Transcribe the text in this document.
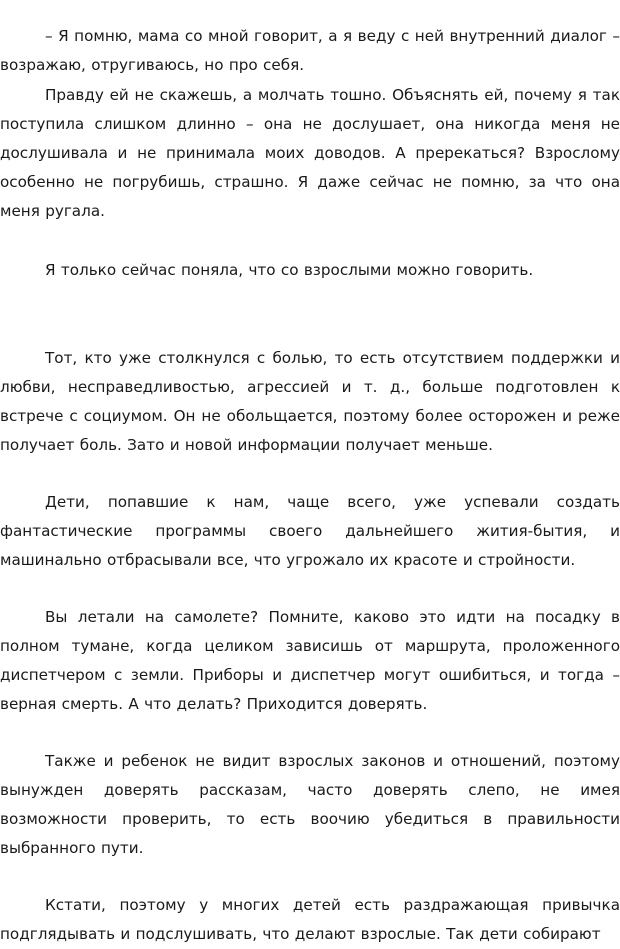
– Я помню, мама со мной говорит, а я веду с ней внутренний диалог – возражаю, отругиваюсь, но про себя.

Правду ей не скажешь, а молчать тошно. Объяснять ей, почему я так поступила слишком длинно – она не дослушает, она никогда меня не дослушивала и не принимала моих доводов. А пререкаться? Взрослому особенно не погрубишь, страшно. Я даже сейчас не помню, за что она меня ругала.

Я только сейчас поняла, что со взрослыми можно говорить.

Тот, кто уже столкнулся с болью, то есть отсутствием поддержки и любви, несправедливостью, агрессией и т. д., больше подготовлен к встрече с социумом. Он не обольщается, поэтому более осторожен и реже получает боль. Зато и новой информации получает меньше.

Дети, попавшие к нам, чаще всего, уже успевали создать фантастические программы своего дальнейшего жития-бытия, и машинально отбрасывали все, что угрожало их красоте и стройности.

Вы летали на самолете? Помните, каково это идти на посадку в полном тумане, когда целиком зависишь от маршрута, проложенного диспетчером с земли. Приборы и диспетчер могут ошибиться, и тогда – верная смерть. А что делать? Приходится доверять.

Также и ребенок не видит взрослых законов и отношений, поэтому вынужден доверять рассказам, часто доверять слепо, не имея возможности проверить, то есть воочию убедиться в правильности выбранного пути.

Кстати, поэтому у многих детей есть раздражающая привычка подглядывать и подслушивать, что делают взрослые. Так дети собирают
